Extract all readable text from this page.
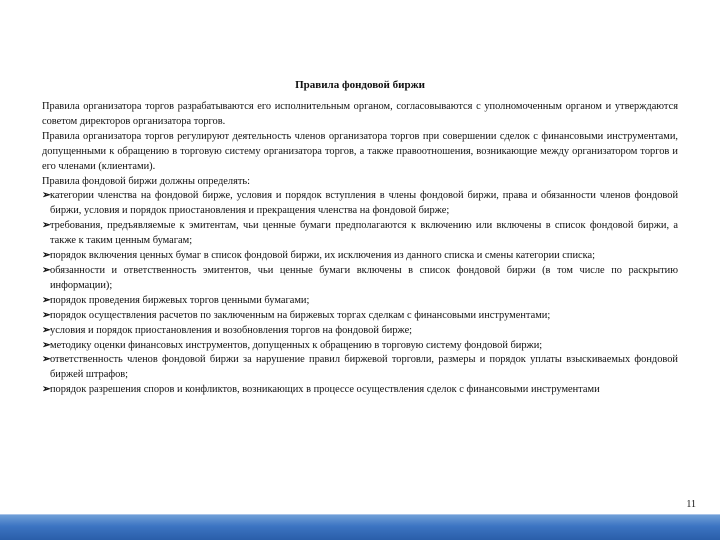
Правила фондовой биржи

Правила организатора торгов разрабатываются его исполнительным органом, согласовываются с уполномоченным органом и утверждаются советом директоров организатора торгов.

Правила организатора торгов регулируют деятельность членов организатора торгов при совершении сделок с финансовыми инструментами, допущенными к обращению в торговую систему организатора торгов, а также правоотношения, возникающие между организатором торгов и его членами (клиентами).

Правила фондовой биржи должны определять:

➢ категории членства на фондовой бирже, условия и порядок вступления в члены фондовой биржи, права и обязанности членов фондовой биржи, условия и порядок приостановления и прекращения членства на фондовой бирже;
➢ требования, предъявляемые к эмитентам, чьи ценные бумаги предполагаются к включению или включены в список фондовой биржи, а также к таким ценным бумагам;
➢ порядок включения ценных бумаг в список фондовой биржи, их исключения из данного списка и смены категории списка;
➢ обязанности и ответственность эмитентов, чьи ценные бумаги включены в список фондовой биржи (в том числе по раскрытию информации);
➢ порядок проведения биржевых торгов ценными бумагами;
➢ порядок осуществления расчетов по заключенным на биржевых торгах сделкам с финансовыми инструментами;
➢ условия и порядок приостановления и возобновления торгов на фондовой бирже;
➢ методику оценки финансовых инструментов, допущенных к обращению в торговую систему фондовой биржи;
➢ ответственность членов фондовой биржи за нарушение правил биржевой торговли, размеры и порядок уплаты взыскиваемых фондовой биржей штрафов;
➢ порядок разрешения споров и конфликтов, возникающих в процессе осуществления сделок с финансовыми инструментами
11
